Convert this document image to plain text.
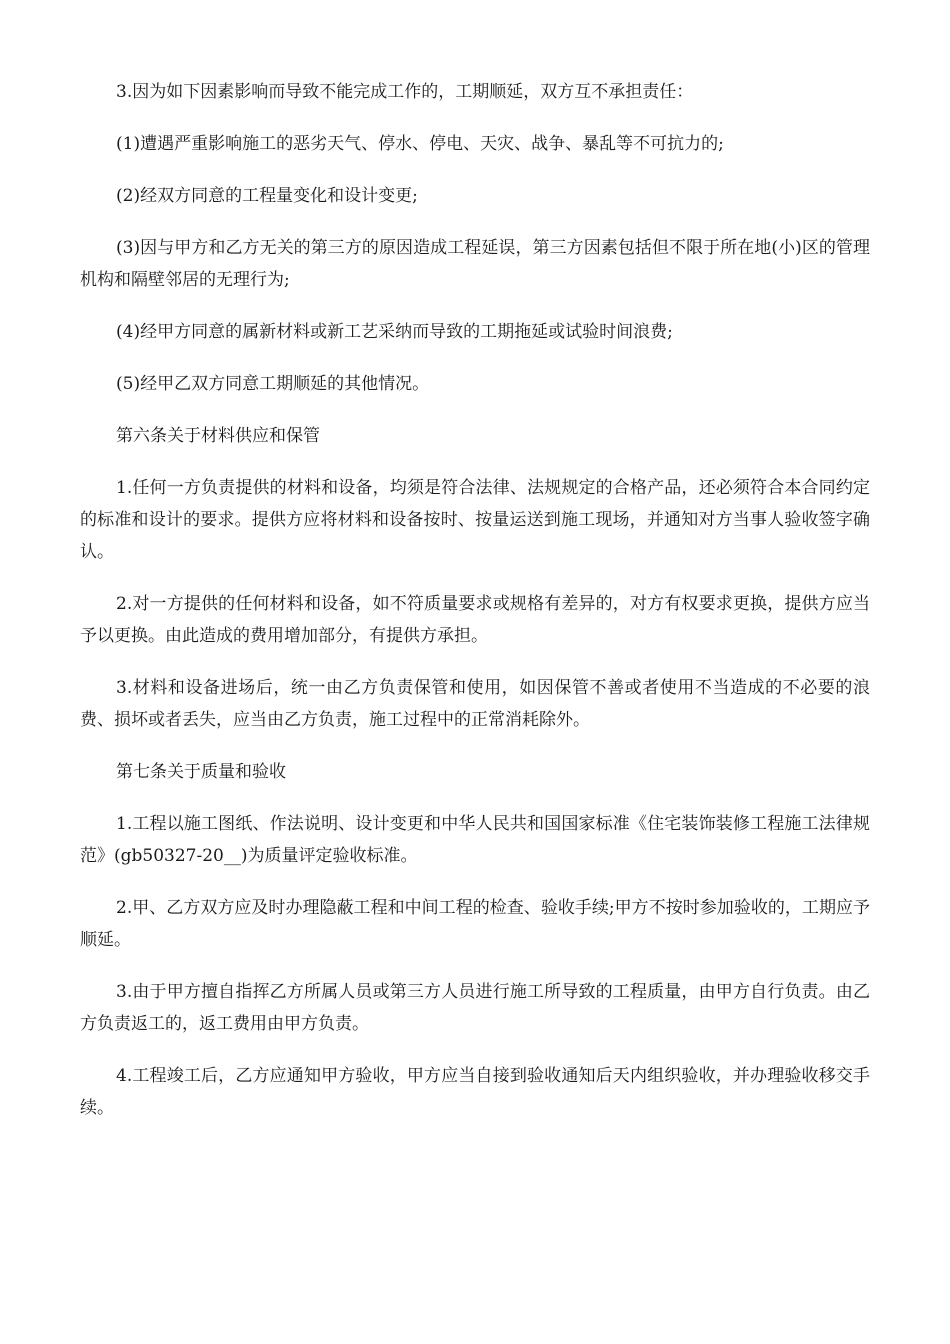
3.因为如下因素影响而导致不能完成工作的，工期顺延，双方互不承担责任：

(1)遭遇严重影响施工的恶劣天气、停水、停电、天灾、战争、暴乱等不可抗力的;

(2)经双方同意的工程量变化和设计变更;

(3)因与甲方和乙方无关的第三方的原因造成工程延误，第三方因素包括但不限于所在地(小)区的管理机构和隔壁邻居的无理行为;

(4)经甲方同意的属新材料或新工艺采纳而导致的工期拖延或试验时间浪费;

(5)经甲乙双方同意工期顺延的其他情况。

第六条关于材料供应和保管

1.任何一方负责提供的材料和设备，均须是符合法律、法规规定的合格产品，还必须符合本合同约定的标准和设计的要求。提供方应将材料和设备按时、按量运送到施工现场，并通知对方当事人验收签字确认。

2.对一方提供的任何材料和设备，如不符质量要求或规格有差异的，对方有权要求更换，提供方应当予以更换。由此造成的费用增加部分，有提供方承担。

3.材料和设备进场后，统一由乙方负责保管和使用，如因保管不善或者使用不当造成的不必要的浪费、损坏或者丢失，应当由乙方负责，施工过程中的正常消耗除外。

第七条关于质量和验收

1.工程以施工图纸、作法说明、设计变更和中华人民共和国国家标准《住宅装饰装修工程施工法律规范》(gb50327-20__)为质量评定验收标准。

2.甲、乙方双方应及时办理隐蔽工程和中间工程的检查、验收手续;甲方不按时参加验收的，工期应予顺延。

3.由于甲方擅自指挥乙方所属人员或第三方人员进行施工所导致的工程质量，由甲方自行负责。由乙方负责返工的，返工费用由甲方负责。

4.工程竣工后，乙方应通知甲方验收，甲方应当自接到验收通知后天内组织验收，并办理验收移交手续。
